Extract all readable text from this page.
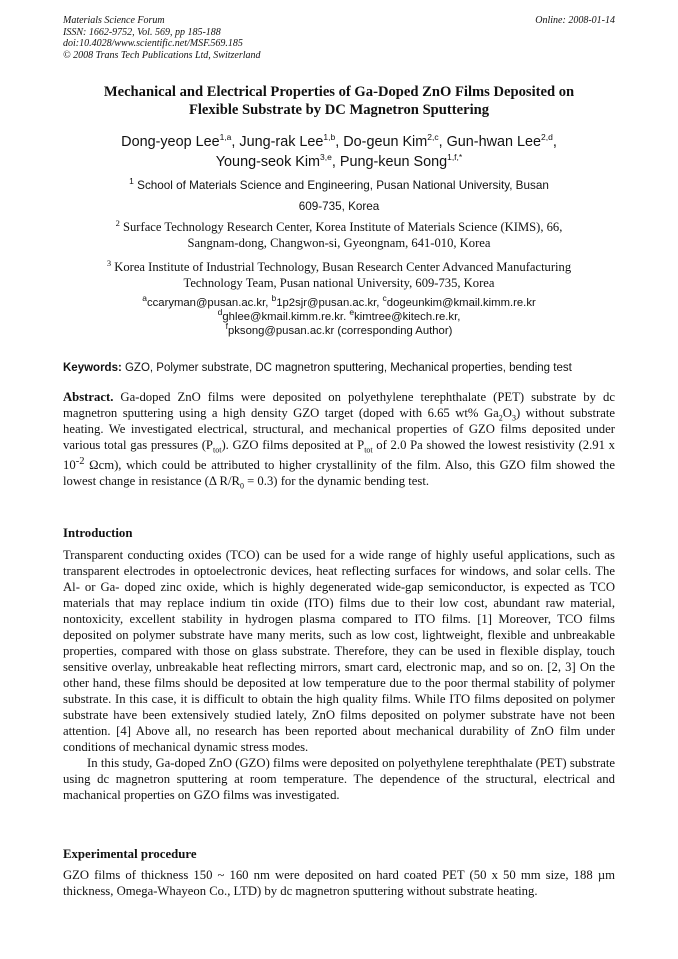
Materials Science Forum
ISSN: 1662-9752, Vol. 569, pp 185-188
doi:10.4028/www.scientific.net/MSF.569.185
© 2008 Trans Tech Publications Ltd, Switzerland
Online: 2008-01-14
Mechanical and Electrical Properties of Ga-Doped ZnO Films Deposited on
Flexible Substrate by DC Magnetron Sputtering
Dong-yeop Lee$^{1,a}$, Jung-rak Lee$^{1,b}$, Do-geun Kim$^{2,c}$, Gun-hwan Lee$^{2,d}$,
Young-seok Kim$^{3,e}$, Pung-keun Song$^{1,f,*}$
$^1$ School of Materials Science and Engineering, Pusan National University, Busan
609-735, Korea
$^2$ Surface Technology Research Center, Korea Institute of Materials Science (KIMS), 66,
Sangnam-dong, Changwon-si, Gyeongnam, 641-010, Korea
$^3$ Korea Institute of Industrial Technology, Busan Research Center Advanced Manufacturing
Technology Team, Pusan national University, 609-735, Korea
$^a$ccaryman@pusan.ac.kr, $^b$1p2sjr@pusan.ac.kr, $^c$dogeunkim@kmail.kimm.re.kr
$^d$ghlee@kmail.kimm.re.kr. $^e$kimtree@kitech.re.kr,
$^f$pksong@pusan.ac.kr (corresponding Author)
Keywords: GZO, Polymer substrate, DC magnetron sputtering, Mechanical properties, bending test
Abstract. Ga-doped ZnO films were deposited on polyethylene terephthalate (PET) substrate by dc magnetron sputtering using a high density GZO target (doped with 6.65 wt% $Ga_2O_3$) without substrate heating. We investigated electrical, structural, and mechanical properties of GZO films deposited under various total gas pressures $(P_{tot})$. GZO films deposited at $P_{tot}$ of 2.0 Pa showed the lowest resistivity (2.91 x $10^{-2}$ Ωcm), which could be attributed to higher crystallinity of the film. Also, this GZO film showed the lowest change in resistance (Δ $R/R_0 = 0.3$) for the dynamic bending test.
Introduction

Transparent conducting oxides (TCO) can be used for a wide range of highly useful applications, such as transparent electrodes in optoelectronic devices, heat reflecting surfaces for windows, and solar cells. The Al- or Ga- doped zinc oxide, which is highly degenerated wide-gap semiconductor, is expected as TCO materials that may replace indium tin oxide (ITO) films due to their low cost, abundant raw material, nontoxicity, excellent stability in hydrogen plasma compared to ITO films. [1] Moreover, TCO films deposited on polymer substrate have many merits, such as low cost, lightweight, flexible and unbreakable properties, compared with those on glass substrate. Therefore, they can be used in flexible display, touch sensitive overlay, unbreakable heat reflecting mirrors, smart card, electronic map, and so on. [2, 3] On the other hand, these films should be deposited at low temperature due to the poor thermal stability of polymer substrate. In this case, it is difficult to obtain the high quality films. While ITO films deposited on polymer substrate have been extensively studied lately, ZnO films deposited on polymer substrate have not been attention. [4] Above all, no research has been reported about mechanical durability of ZnO film under conditions of mechanical dynamic stress modes.

In this study, Ga-doped ZnO (GZO) films were deposited on polyethylene terephthalate (PET) substrate using dc magnetron sputtering at room temperature. The dependence of the structural, electrical and machanical properties on GZO films was investigated.

Experimental procedure
GZO films of thickness 150 ~ 160 nm were deposited on hard coated PET (50 x 50 mm size, 188 µm thickness, Omega-Whayeon Co., LTD) by dc magnetron sputtering without substrate heating.
